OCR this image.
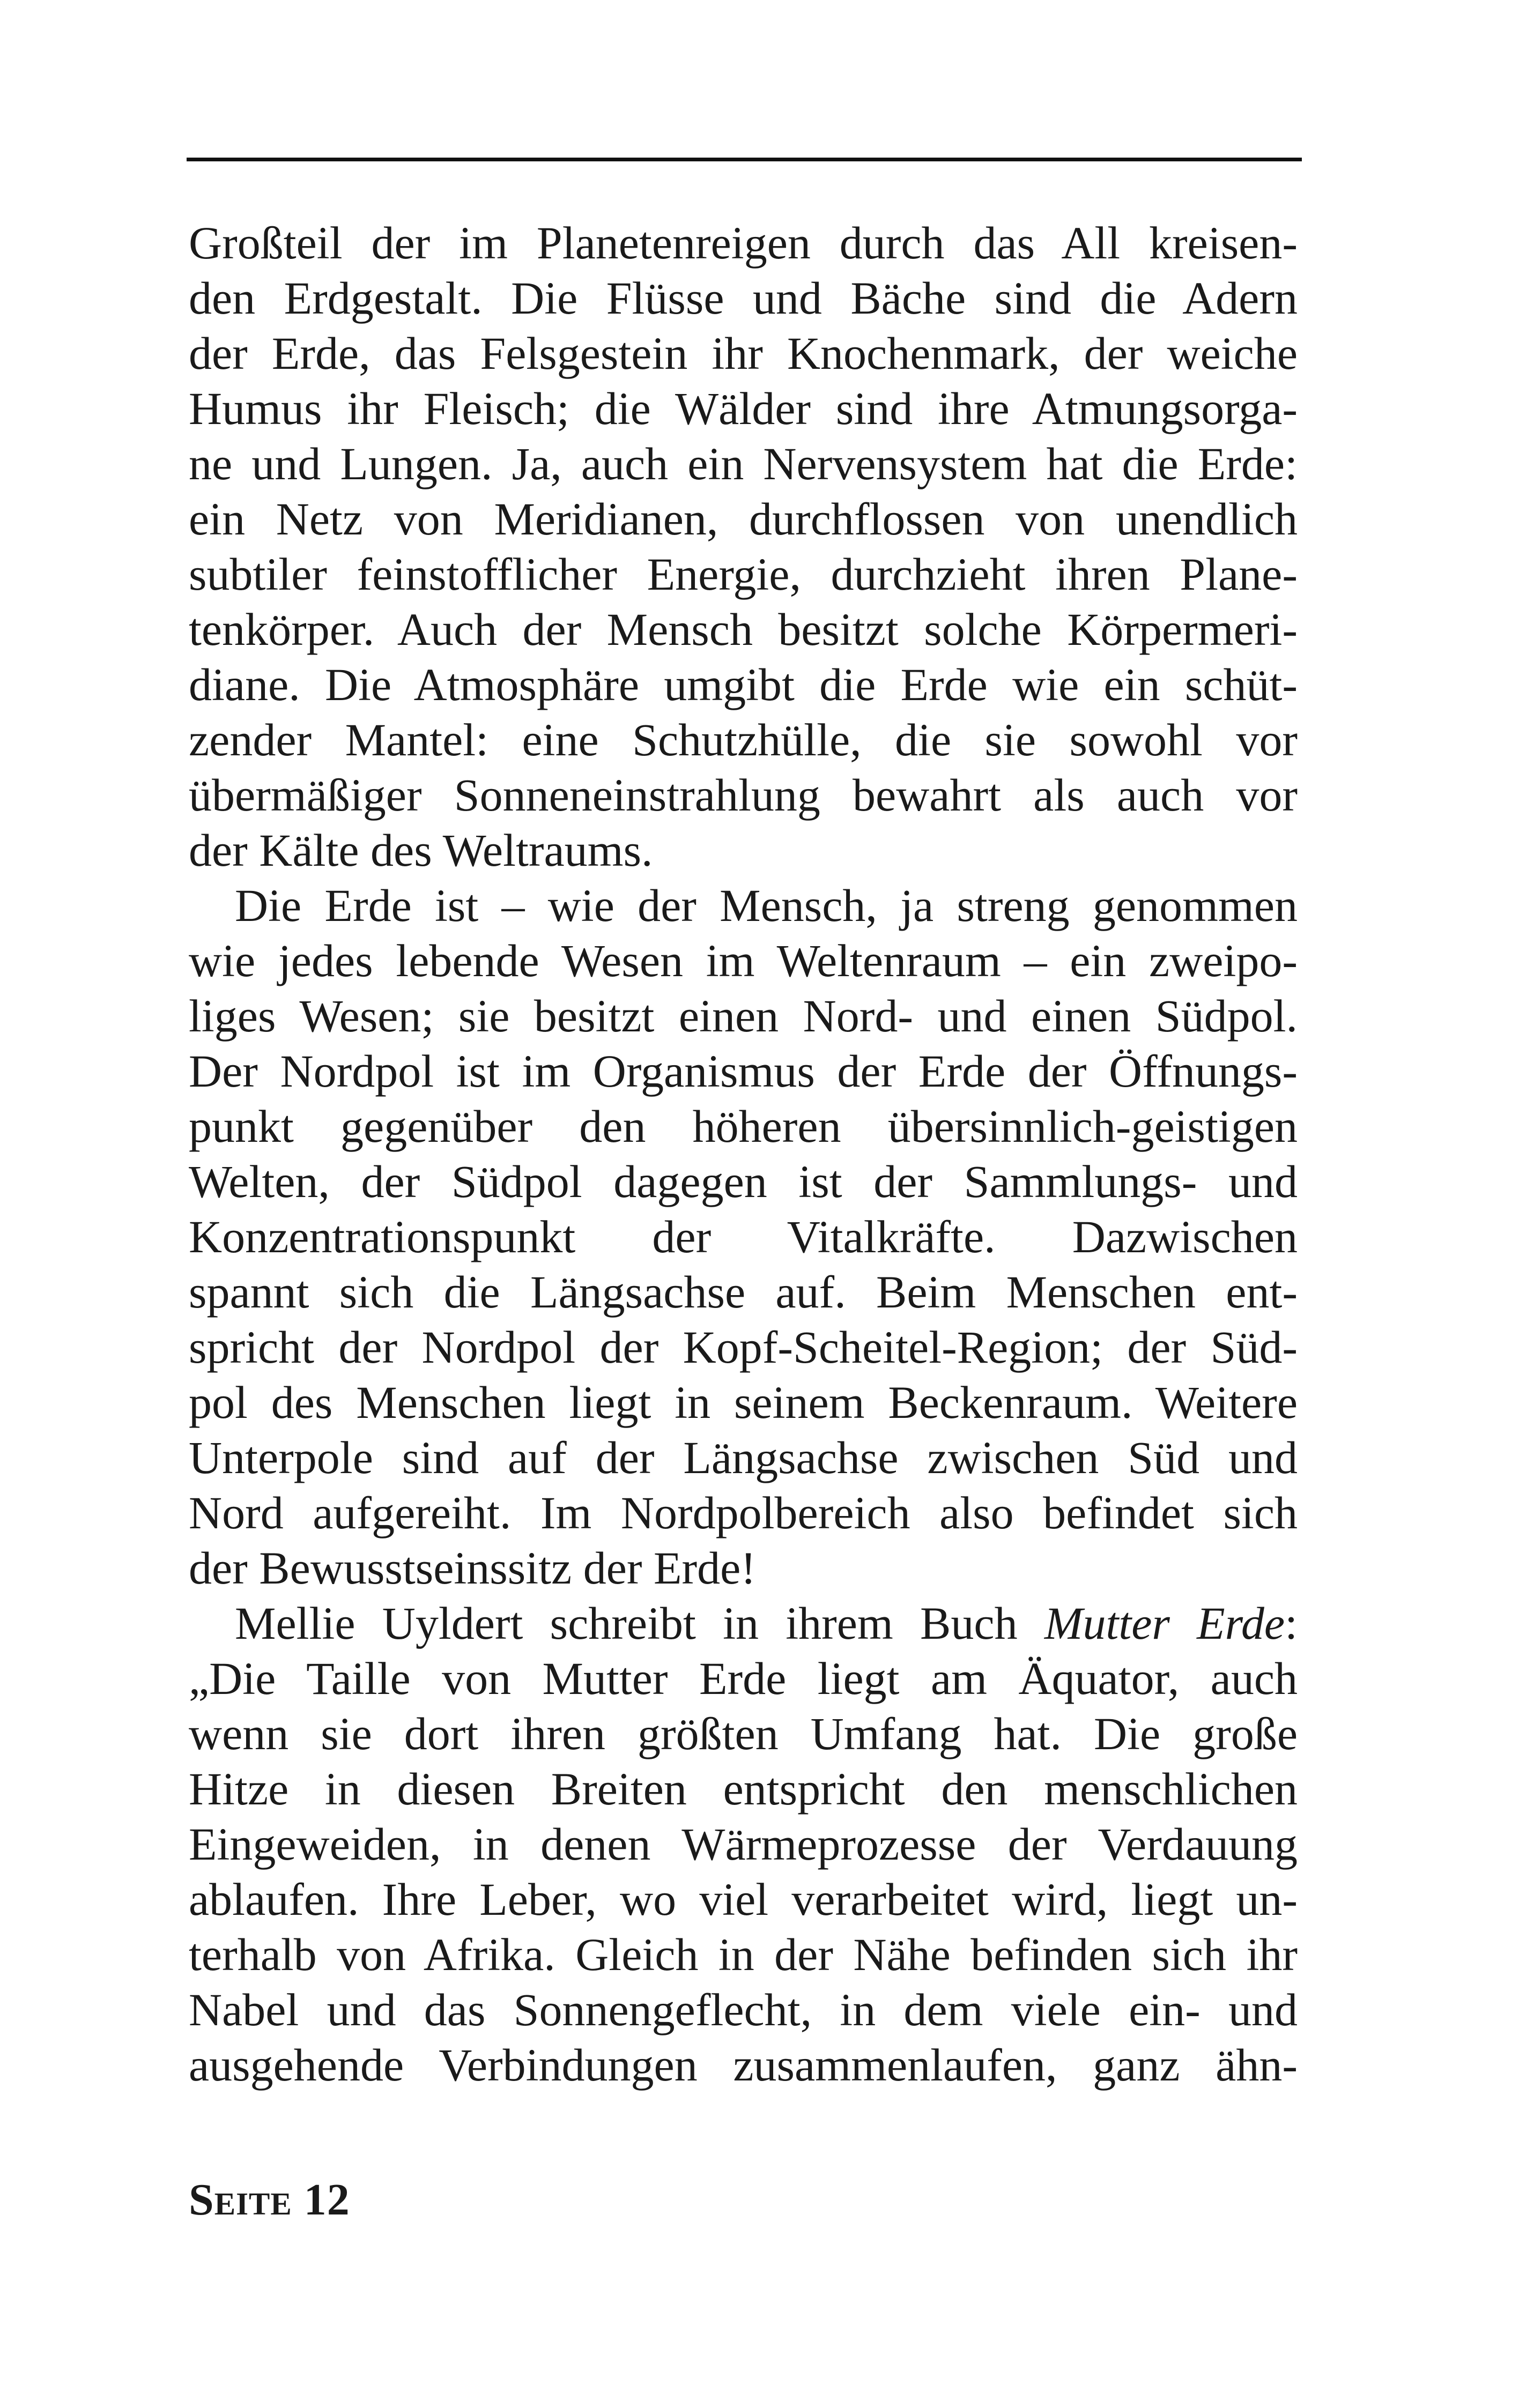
Großteil der im Planetenreigen durch das All kreisen-
den Erdgestalt. Die Flüsse und Bäche sind die Adern
der Erde, das Felsgestein ihr Knochenmark, der weiche
Humus ihr Fleisch; die Wälder sind ihre Atmungsorga-
ne und Lungen. Ja, auch ein Nervensystem hat die Erde:
ein Netz von Meridianen, durchflossen von unendlich
subtiler feinstofflicher Energie, durchzieht ihren Plane-
tenkörper. Auch der Mensch besitzt solche Körpermeri-
diane. Die Atmosphäre umgibt die Erde wie ein schüt-
zender Mantel: eine Schutzhülle, die sie sowohl vor
übermäßiger Sonneneinstrahlung bewahrt als auch vor
der Kälte des Weltraums.
Die Erde ist – wie der Mensch, ja streng genommen
wie jedes lebende Wesen im Weltenraum – ein zweipo-
liges Wesen; sie besitzt einen Nord- und einen Südpol.
Der Nordpol ist im Organismus der Erde der Öffnungs-
punkt gegenüber den höheren übersinnlich-geistigen
Welten, der Südpol dagegen ist der Sammlungs- und
Konzentrationspunkt der Vitalkräfte. Dazwischen
spannt sich die Längsachse auf. Beim Menschen ent-
spricht der Nordpol der Kopf-Scheitel-Region; der Süd-
pol des Menschen liegt in seinem Beckenraum. Weitere
Unterpole sind auf der Längsachse zwischen Süd und
Nord aufgereiht. Im Nordpolbereich also befindet sich
der Bewusstseinssitz der Erde!
Mellie Uyldert schreibt in ihrem Buch Mutter Erde:
„Die Taille von Mutter Erde liegt am Äquator, auch
wenn sie dort ihren größten Umfang hat. Die große
Hitze in diesen Breiten entspricht den menschlichen
Eingeweiden, in denen Wärmeprozesse der Verdauung
ablaufen. Ihre Leber, wo viel verarbeitet wird, liegt un-
terhalb von Afrika. Gleich in der Nähe befinden sich ihr
Nabel und das Sonnengeflecht, in dem viele ein- und
ausgehende Verbindungen zusammenlaufen, ganz ähn-
Seite 12
